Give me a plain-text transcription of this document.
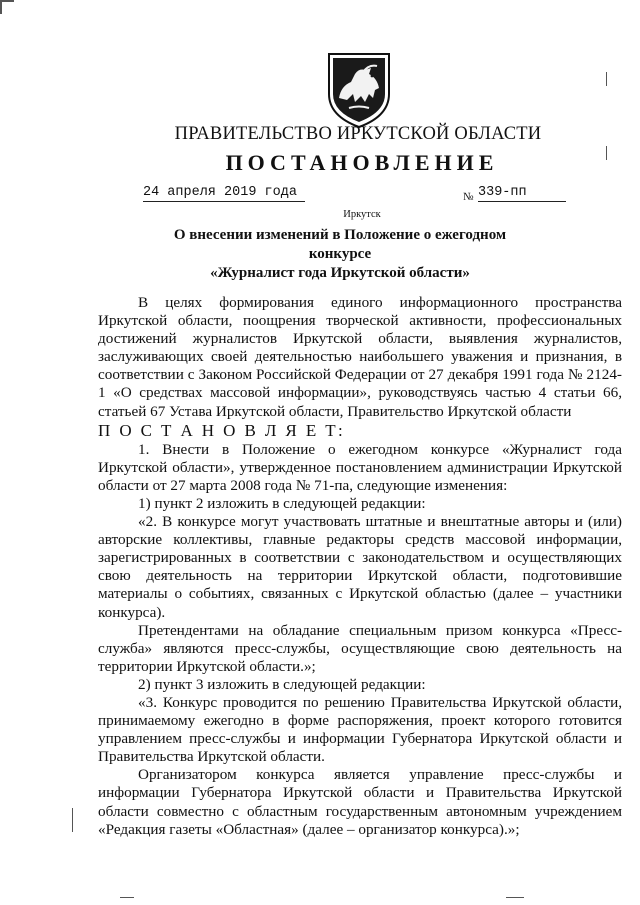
ПРАВИТЕЛЬСТВО ИРКУТСКОЙ ОБЛАСТИ
ПОСТАНОВЛЕНИЕ
24 апреля 2019 года	№ 339-пп
Иркутск
О внесении изменений в Положение о ежегодном конкурсе
«Журналист года Иркутской области»

В целях формирования единого информационного пространства Иркутской области, поощрения творческой активности, профессиональных достижений журналистов Иркутской области, выявления журналистов, заслуживающих своей деятельностью наибольшего уважения и признания, в соответствии с Законом Российской Федерации от 27 декабря 1991 года № 2124-1 «О средствах массовой информации», руководствуясь частью 4 статьи 66, статьей 67 Устава Иркутской области, Правительство Иркутской области

П О С Т А Н О В Л Я Е Т:

1. Внести в Положение о ежегодном конкурсе «Журналист года Иркутской области», утвержденное постановлением администрации Иркутской области от 27 марта 2008 года № 71-па, следующие изменения:

1) пункт 2 изложить в следующей редакции:

«2. В конкурсе могут участвовать штатные и внештатные авторы и (или) авторские коллективы, главные редакторы средств массовой информации, зарегистрированных в соответствии с законодательством и осуществляющих свою деятельность на территории Иркутской области, подготовившие материалы о событиях, связанных с Иркутской областью (далее – участники конкурса).

Претендентами на обладание специальным призом конкурса «Пресс-служба» являются пресс-службы, осуществляющие свою деятельность на территории Иркутской области.»;

2) пункт 3 изложить в следующей редакции:

«3. Конкурс проводится по решению Правительства Иркутской области, принимаемому ежегодно в форме распоряжения, проект которого готовится управлением пресс-службы и информации Губернатора Иркутской области и Правительства Иркутской области.

Организатором конкурса является управление пресс-службы и информации Губернатора Иркутской области и Правительства Иркутской области совместно с областным государственным автономным учреждением «Редакция газеты «Областная» (далее – организатор конкурса).»;
